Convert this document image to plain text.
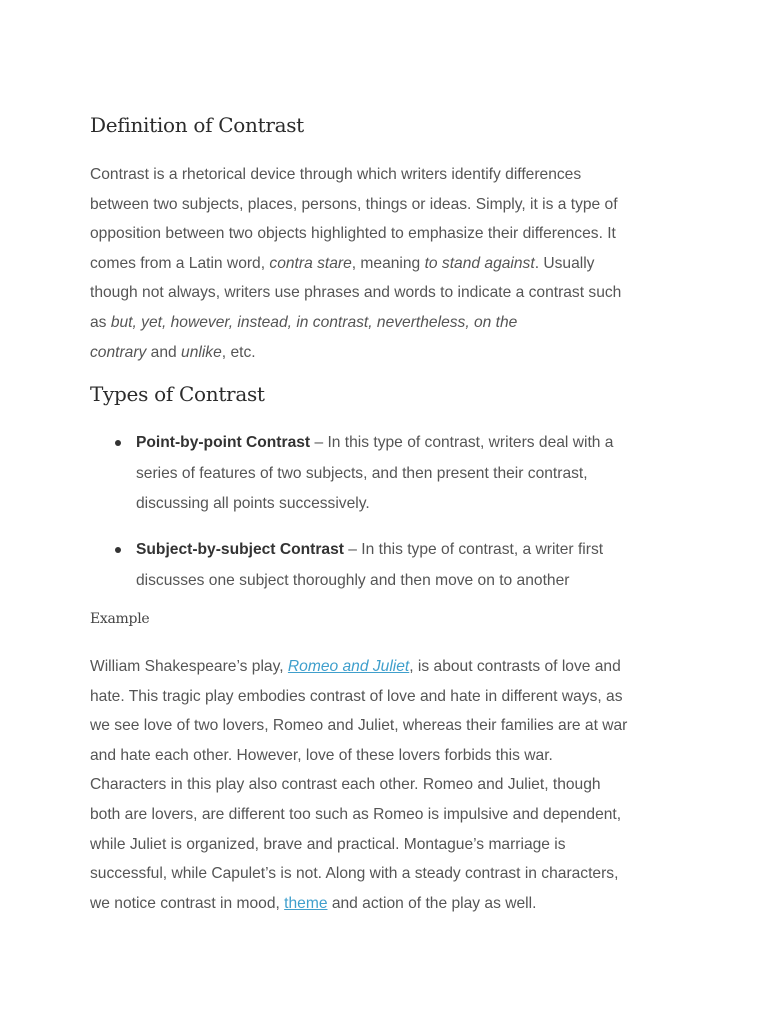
Definition of Contrast

Contrast is a rhetorical device through which writers identify differences
between two subjects, places, persons, things or ideas. Simply, it is a type of
opposition between two objects highlighted to emphasize their differences. It
comes from a Latin word, contra stare, meaning to stand against. Usually
though not always, writers use phrases and words to indicate a contrast such
as but, yet, however, instead, in contrast, nevertheless, on the
contrary and unlike, etc.

Types of Contrast
Point-by-point Contrast – In this type of contrast, writers deal with a
series of features of two subjects, and then present their contrast,
discussing all points successively.
Subject-by-subject Contrast – In this type of contrast, a writer first
discusses one subject thoroughly and then move on to another
Example

William Shakespeare’s play, Romeo and Juliet, is about contrasts of love and
hate. This tragic play embodies contrast of love and hate in different ways, as
we see love of two lovers, Romeo and Juliet, whereas their families are at war
and hate each other. However, love of these lovers forbids this war.
Characters in this play also contrast each other. Romeo and Juliet, though
both are lovers, are different too such as Romeo is impulsive and dependent,
while Juliet is organized, brave and practical. Montague’s marriage is
successful, while Capulet’s is not. Along with a steady contrast in characters,
we notice contrast in mood, theme and action of the play as well.
